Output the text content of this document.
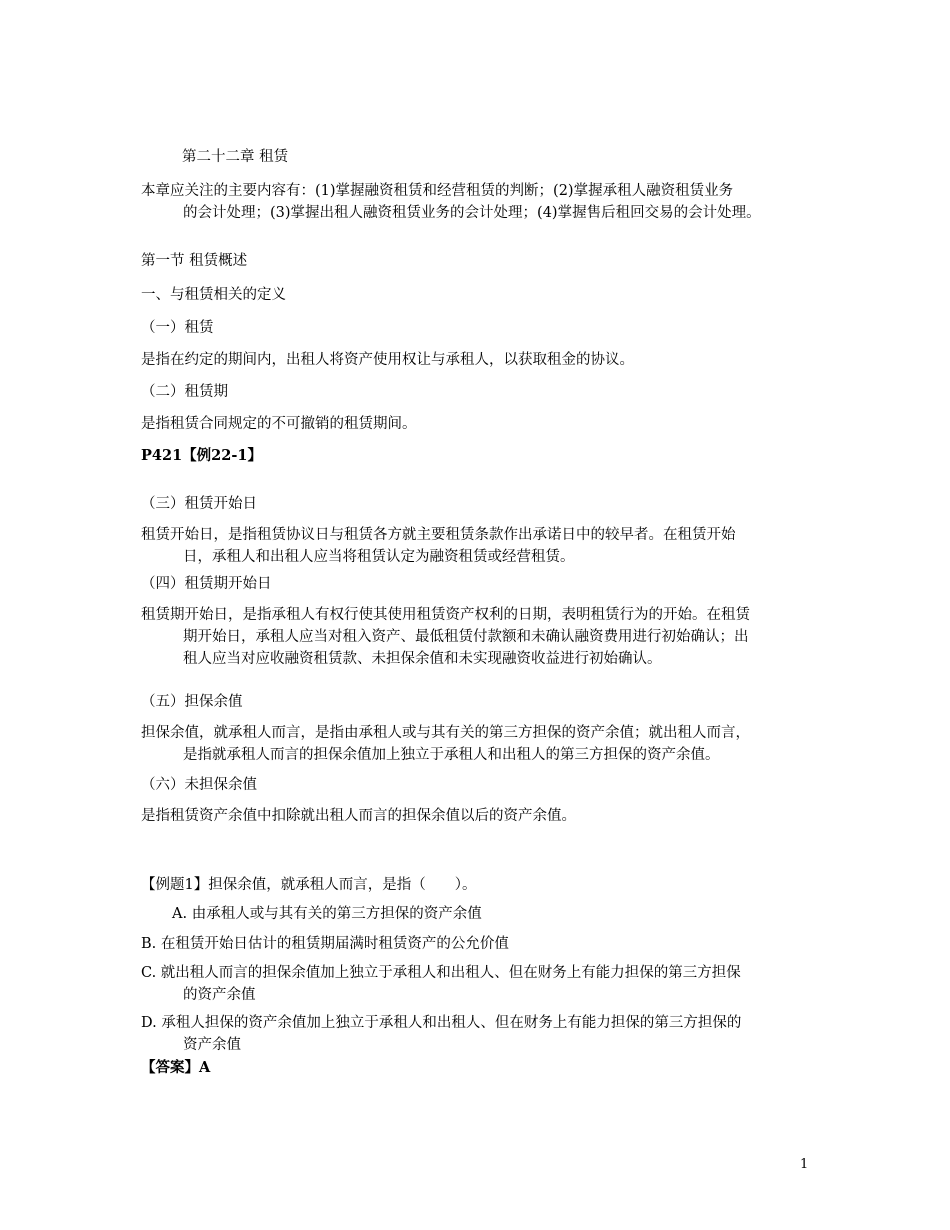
第二十二章 租赁

本章应关注的主要内容有：(1)掌握融资租赁和经营租赁的判断；(2)掌握承租人融资租赁业务
的会计处理；(3)掌握出租人融资租赁业务的会计处理；(4)掌握售后租回交易的会计处理。

第一节 租赁概述

一、与租赁相关的定义

（一）租赁

是指在约定的期间内，出租人将资产使用权让与承租人，以获取租金的协议。

（二）租赁期

是指租赁合同规定的不可撤销的租赁期间。

P421【例22-1】

（三）租赁开始日

租赁开始日，是指租赁协议日与租赁各方就主要租赁条款作出承诺日中的较早者。在租赁开始
日，承租人和出租人应当将租赁认定为融资租赁或经营租赁。

（四）租赁期开始日

租赁期开始日，是指承租人有权行使其使用租赁资产权利的日期，表明租赁行为的开始。在租赁
期开始日，承租人应当对租入资产、最低租赁付款额和未确认融资费用进行初始确认；出
租人应当对应收融资租赁款、未担保余值和未实现融资收益进行初始确认。

（五）担保余值

担保余值，就承租人而言，是指由承租人或与其有关的第三方担保的资产余值；就出租人而言，
是指就承租人而言的担保余值加上独立于承租人和出租人的第三方担保的资产余值。

（六）未担保余值

是指租赁资产余值中扣除就出租人而言的担保余值以后的资产余值。

【例题1】担保余值，就承租人而言，是指（　　）。

A. 由承租人或与其有关的第三方担保的资产余值

B. 在租赁开始日估计的租赁期届满时租赁资产的公允价值

C. 就出租人而言的担保余值加上独立于承租人和出租人、但在财务上有能力担保的第三方担保
的资产余值
D. 承租人担保的资产余值加上独立于承租人和出租人、但在财务上有能力担保的第三方担保的
资产余值

【答案】A

1
